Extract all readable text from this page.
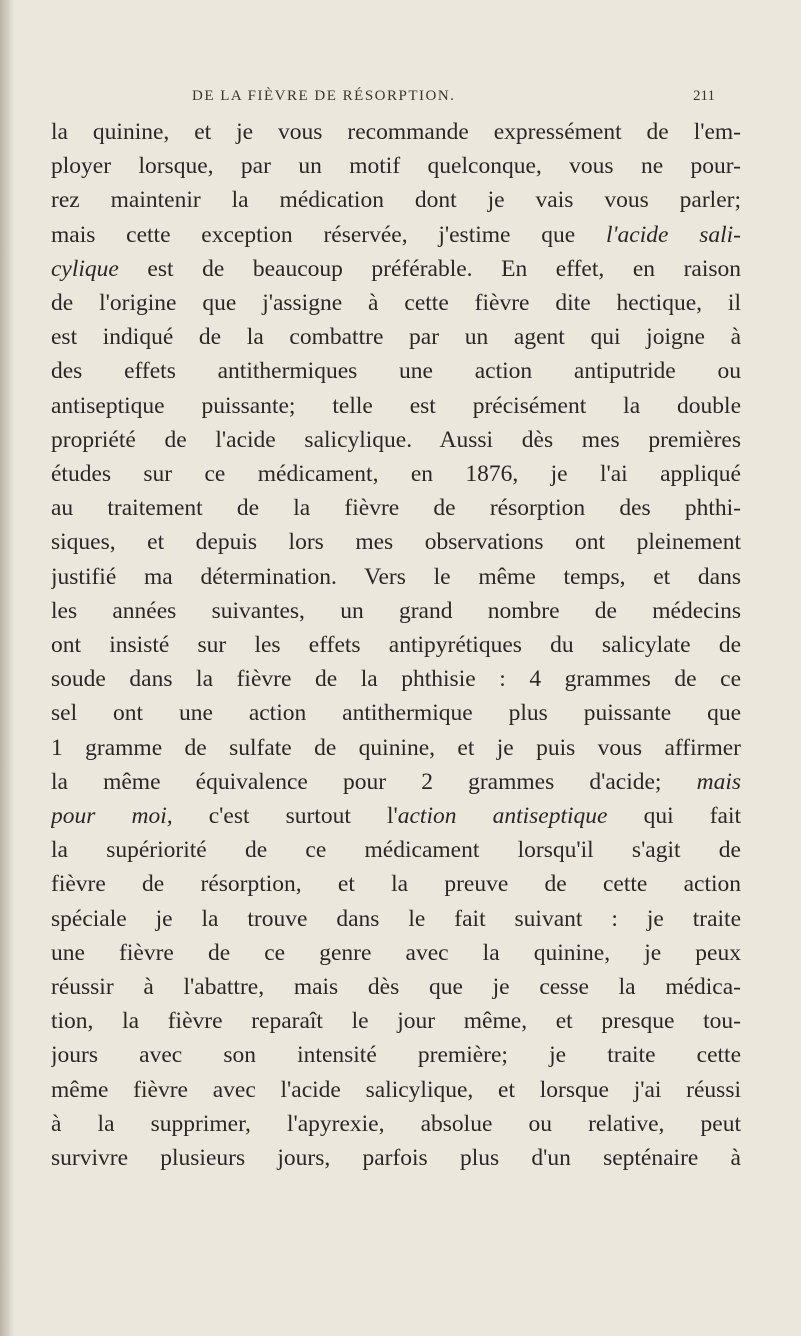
DE LA FIÈVRE DE RÉSORPTION.	211
la quinine, et je vous recommande expressément de l'em-
ployer lorsque, par un motif quelconque, vous ne pour-
rez maintenir la médication dont je vais vous parler;
mais cette exception réservée, j'estime que l'acide sali-
cylique est de beaucoup préférable. En effet, en raison
de l'origine que j'assigne à cette fièvre dite hectique, il
est indiqué de la combattre par un agent qui joigne à
des effets antithermiques une action antiputride ou
antiseptique puissante; telle est précisément la double
propriété de l'acide salicylique. Aussi dès mes premières
études sur ce médicament, en 1876, je l'ai appliqué
au traitement de la fièvre de résorption des phthi-
siques, et depuis lors mes observations ont pleinement
justifié ma détermination. Vers le même temps, et dans
les années suivantes, un grand nombre de médecins
ont insisté sur les effets antipyrétiques du salicylate de
soude dans la fièvre de la phthisie : 4 grammes de ce
sel ont une action antithermique plus puissante que
1 gramme de sulfate de quinine, et je puis vous affirmer
la même équivalence pour 2 grammes d'acide; mais
pour moi, c'est surtout l'action antiseptique qui fait
la supériorité de ce médicament lorsqu'il s'agit de
fièvre de résorption, et la preuve de cette action
spéciale je la trouve dans le fait suivant : je traite
une fièvre de ce genre avec la quinine, je peux
réussir à l'abattre, mais dès que je cesse la médica-
tion, la fièvre reparaît le jour même, et presque tou-
jours avec son intensité première; je traite cette
même fièvre avec l'acide salicylique, et lorsque j'ai réussi
à la supprimer, l'apyrexie, absolue ou relative, peut
survivre plusieurs jours, parfois plus d'un septénaire à
